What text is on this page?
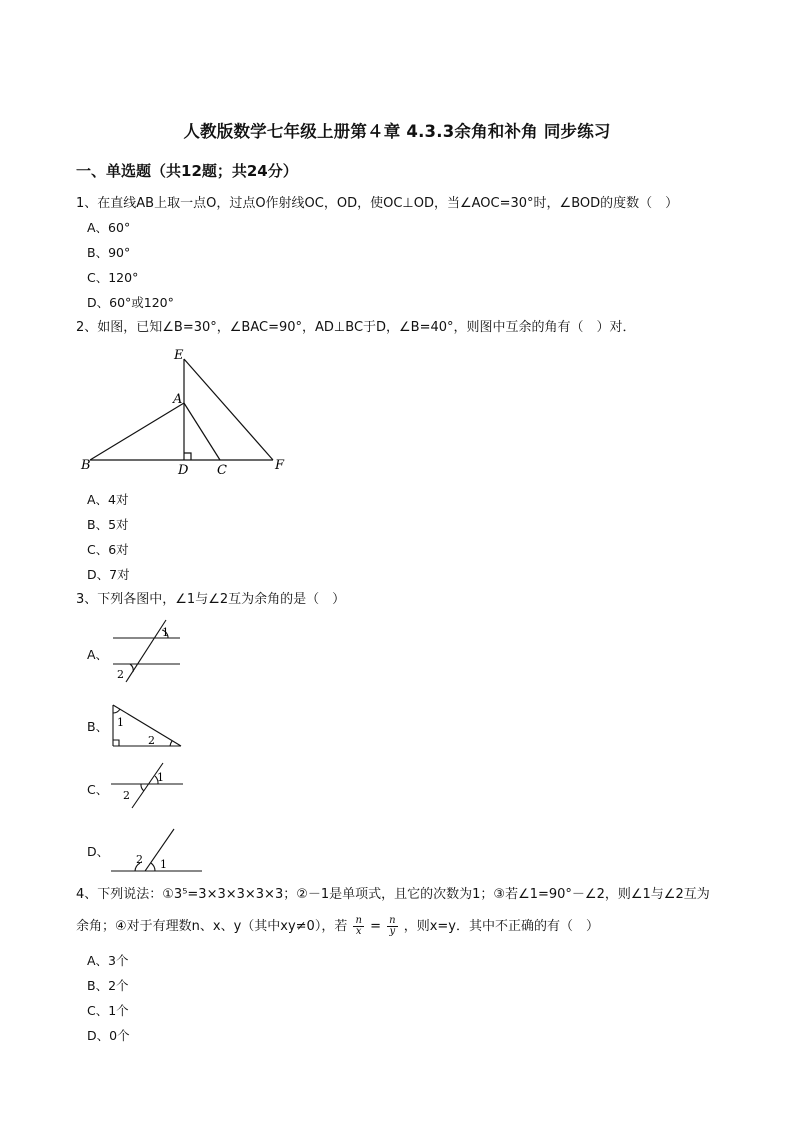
人教版数学七年级上册第４章 4.3.3余角和补角 同步练习
一、单选题（共12题；共24分）
1、在直线AB上取一点O，过点O作射线OC，OD，使OC⊥OD，当∠AOC=30°时，∠BOD的度数（　）
A、60°
B、90°
C、120°
D、60°或120°
2、如图，已知∠B=30°，∠BAC=90°，AD⊥BC于D，∠B=40°，则图中互余的角有（　）对．
E
A
B	D C	F
A、4对
B、5对
C、6对
D、7对
3、下列各图中，∠1与∠2互为余角的是（　）
A、
1
2
B、 1
2
C、
1
2
D、
1
2
4、下列说法：①3⁵=3×3×3×3×3；②－1是单项式，且它的次数为1；③若∠1=90°－∠2，则∠1与∠2互为
余角；④对于有理数n、x、y（其中xy≠0），若 $\frac{n}{x} = \frac{n}{y}$ ，则x=y．其中不正确的有（　）
A、3个
B、2个
C、1个
D、0个
